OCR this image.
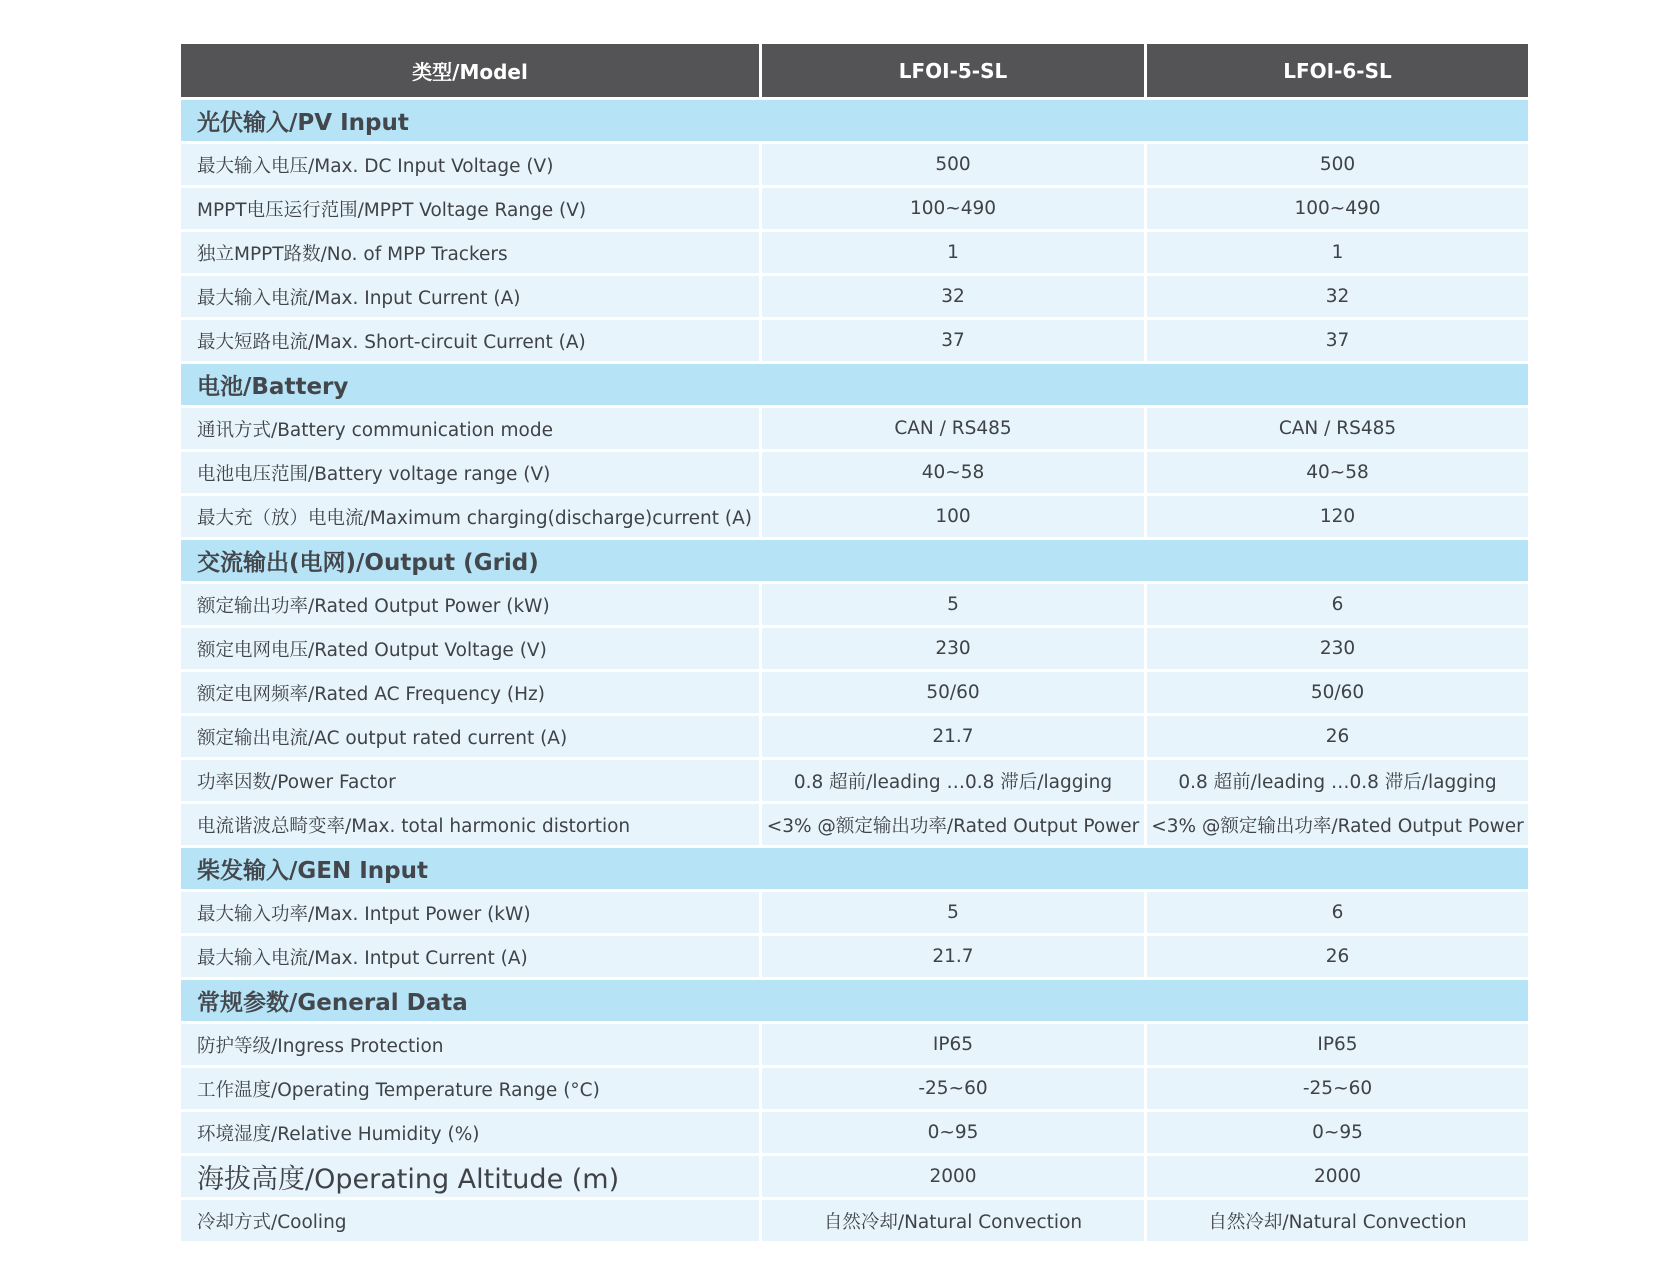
类型/Model	LFOI-5-SL	LFOI-6-SL
光伏输入/PV Input		
最大输入电压/Max. DC Input Voltage (V)	500	500
MPPT电压运行范围/MPPT Voltage Range (V)	100~490	100~490
独立MPPT路数/No. of MPP Trackers	1	1
最大输入电流/Max. Input Current (A)	32	32
最大短路电流/Max. Short-circuit Current (A)	37	37
电池/Battery		
通讯方式/Battery communication mode	CAN / RS485	CAN / RS485
电池电压范围/Battery voltage range (V)	40~58	40~58
最大充（放）电电流/Maximum charging(discharge)current (A)	100	120
交流输出(电网)/Output (Grid)		
额定输出功率/Rated Output Power (kW)	5	6
额定电网电压/Rated Output Voltage (V)	230	230
额定电网频率/Rated AC Frequency (Hz)	50/60	50/60
额定输出电流/AC output rated current (A)	21.7	26
功率因数/Power Factor	0.8 超前/leading …0.8 滞后/lagging	0.8 超前/leading …0.8 滞后/lagging
电流谐波总畸变率/Max. total harmonic distortion	<3% @额定输出功率/Rated Output Power	<3% @额定输出功率/Rated Output Power
柴发输入/GEN Input		
最大输入功率/Max. Intput Power (kW)	5	6
最大输入电流/Max. Intput Current (A)	21.7	26
常规参数/General Data		
防护等级/Ingress Protection	IP65	IP65
工作温度/Operating Temperature Range (°C)	-25~60	-25~60
环境湿度/Relative Humidity (%)	0~95	0~95
海拔高度/Operating Altitude (m)	2000	2000
冷却方式/Cooling	自然冷却/Natural Convection	自然冷却/Natural Convection
